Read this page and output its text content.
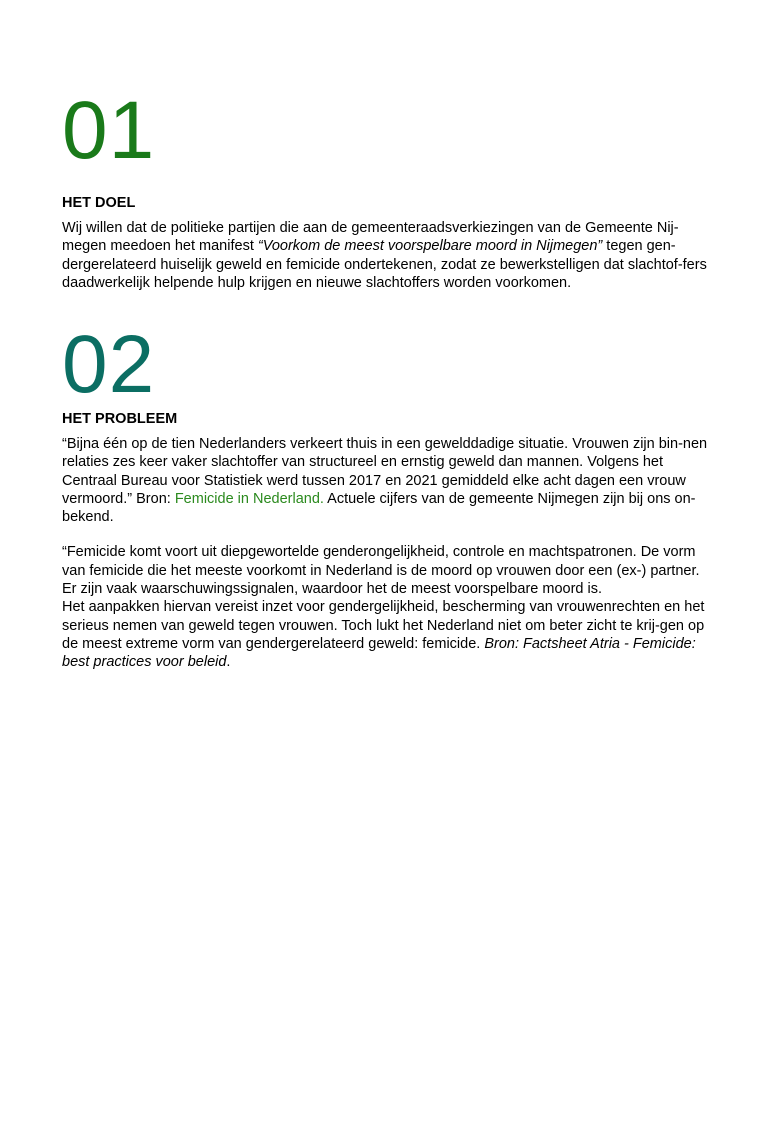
01
HET DOEL

Wij willen dat de politieke partijen die aan de gemeenteraadsverkiezingen van de Gemeente Nij-megen meedoen het manifest “Voorkom de meest voorspelbare moord in Nijmegen” tegen gen-dergerelateerd huiselijk geweld en femicide ondertekenen, zodat ze bewerkstelligen dat slachtof-fers daadwerkelijk helpende hulp krijgen en nieuwe slachtoffers worden voorkomen.

02
HET PROBLEEM

“Bijna één op de tien Nederlanders verkeert thuis in een gewelddadige situatie. Vrouwen zijn bin-nen relaties zes keer vaker slachtoffer van structureel en ernstig geweld dan mannen. Volgens het Centraal Bureau voor Statistiek werd tussen 2017 en 2021 gemiddeld elke acht dagen een vrouw vermoord.” Bron: Femicide in Nederland. Actuele cijfers van de gemeente Nijmegen zijn bij ons on-bekend.

“Femicide komt voort uit diepgewortelde genderongelijkheid, controle en machtspatronen. De vorm van femicide die het meeste voorkomt in Nederland is de moord op vrouwen door een (ex-) partner. Er zijn vaak waarschuwingssignalen, waardoor het de meest voorspelbare moord is.
Het aanpakken hiervan vereist inzet voor gendergelijkheid, bescherming van vrouwenrechten en het serieus nemen van geweld tegen vrouwen. Toch lukt het Nederland niet om beter zicht te krij-gen op de meest extreme vorm van gendergerelateerd geweld: femicide. Bron: Factsheet Atria - Femicide: best practices voor beleid.
